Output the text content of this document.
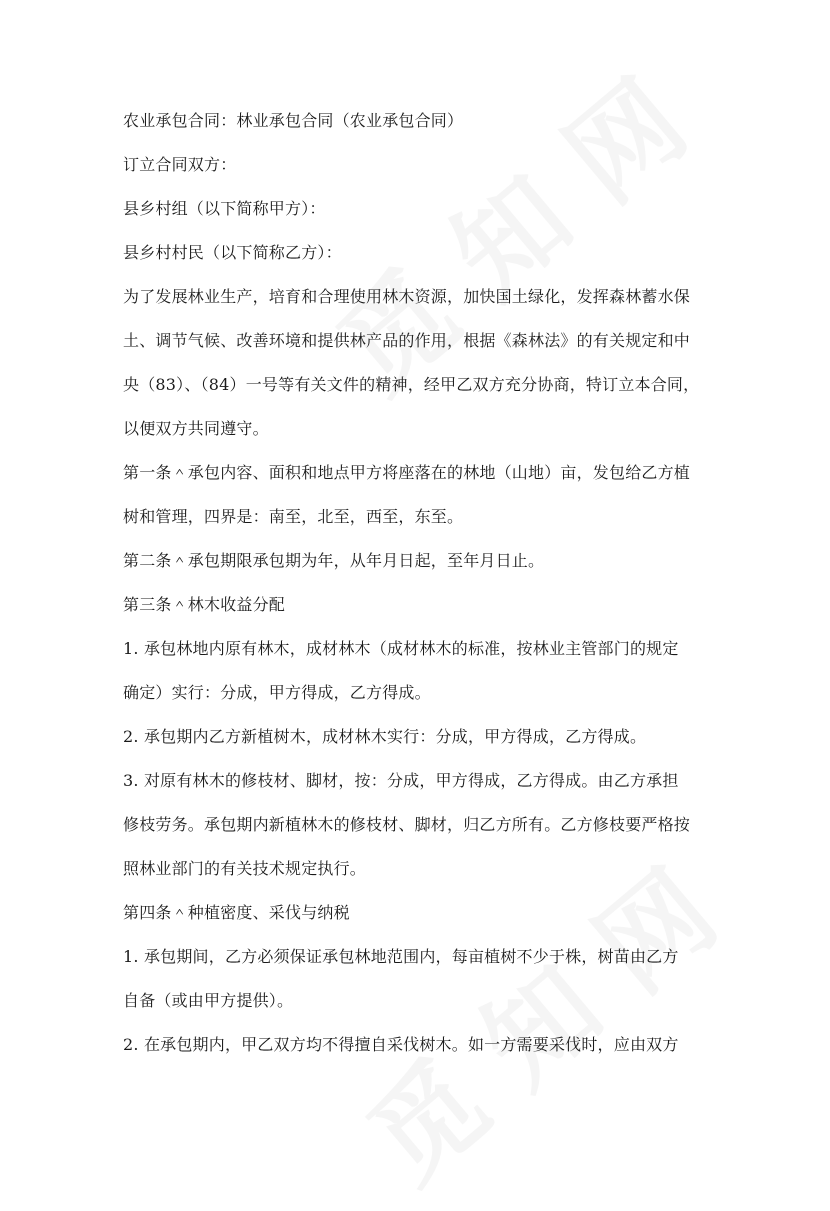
农业承包合同：林业承包合同（农业承包合同）
订立合同双方：
县乡村组（以下简称甲方）：
县乡村村民（以下简称乙方）：
为了发展林业生产，培育和合理使用林木资源，加快国土绿化，发挥森林蓄水保
土、调节气候、改善环境和提供林产品的作用，根据《森林法》的有关规定和中
央（83）、（84）一号等有关文件的精神，经甲乙双方充分协商，特订立本合同，
以便双方共同遵守。
第一条＾承包内容、面积和地点甲方将座落在的林地（山地）亩，发包给乙方植
树和管理，四界是：南至，北至，西至，东至。
第二条＾承包期限承包期为年，从年月日起，至年月日止。
第三条＾林木收益分配
1. 承包林地内原有林木，成材林木（成材林木的标准，按林业主管部门的规定
确定）实行：分成，甲方得成，乙方得成。
2. 承包期内乙方新植树木，成材林木实行：分成，甲方得成，乙方得成。
3. 对原有林木的修枝材、脚材，按：分成，甲方得成，乙方得成。由乙方承担
修枝劳务。承包期内新植林木的修枝材、脚材，归乙方所有。乙方修枝要严格按
照林业部门的有关技术规定执行。
第四条＾种植密度、采伐与纳税
1. 承包期间，乙方必须保证承包林地范围内，每亩植树不少于株，树苗由乙方
自备（或由甲方提供）。
2. 在承包期内，甲乙双方均不得擅自采伐树木。如一方需要采伐时，应由双方
